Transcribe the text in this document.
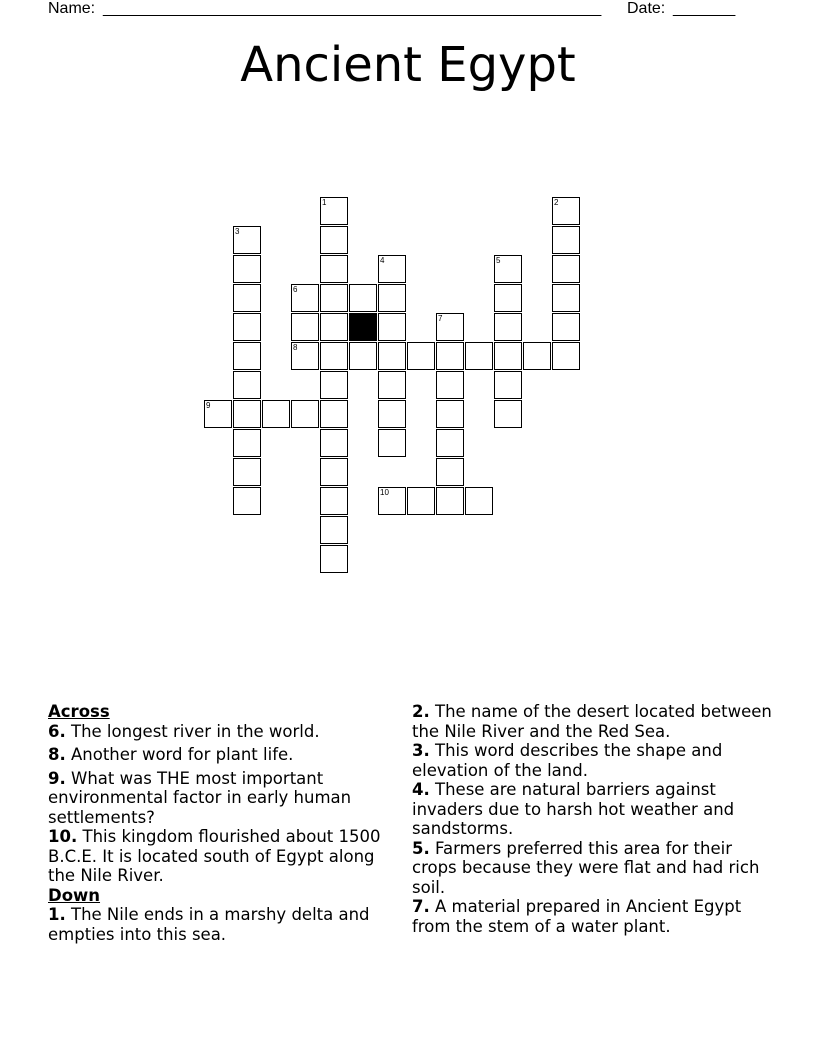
Name:

________________________________________________________

Date:

_______

Ancient Egypt
1	2
3
4	5
7
6
8
9
10
Across
6. The longest river in the world.
8. Another word for plant life.
9. What was THE most important environmental factor in early human settlements?
10. This kingdom flourished about 1500 B.C.E. It is located south of Egypt along the Nile River.
Down
1. The Nile ends in a marshy delta and empties into this sea.
2. The name of the desert located between the Nile River and the Red Sea.
3. This word describes the shape and elevation of the land.
4. These are natural barriers against invaders due to harsh hot weather and sandstorms.
5. Farmers preferred this area for their crops because they were flat and had rich soil.
7. A material prepared in Ancient Egypt from the stem of a water plant.
